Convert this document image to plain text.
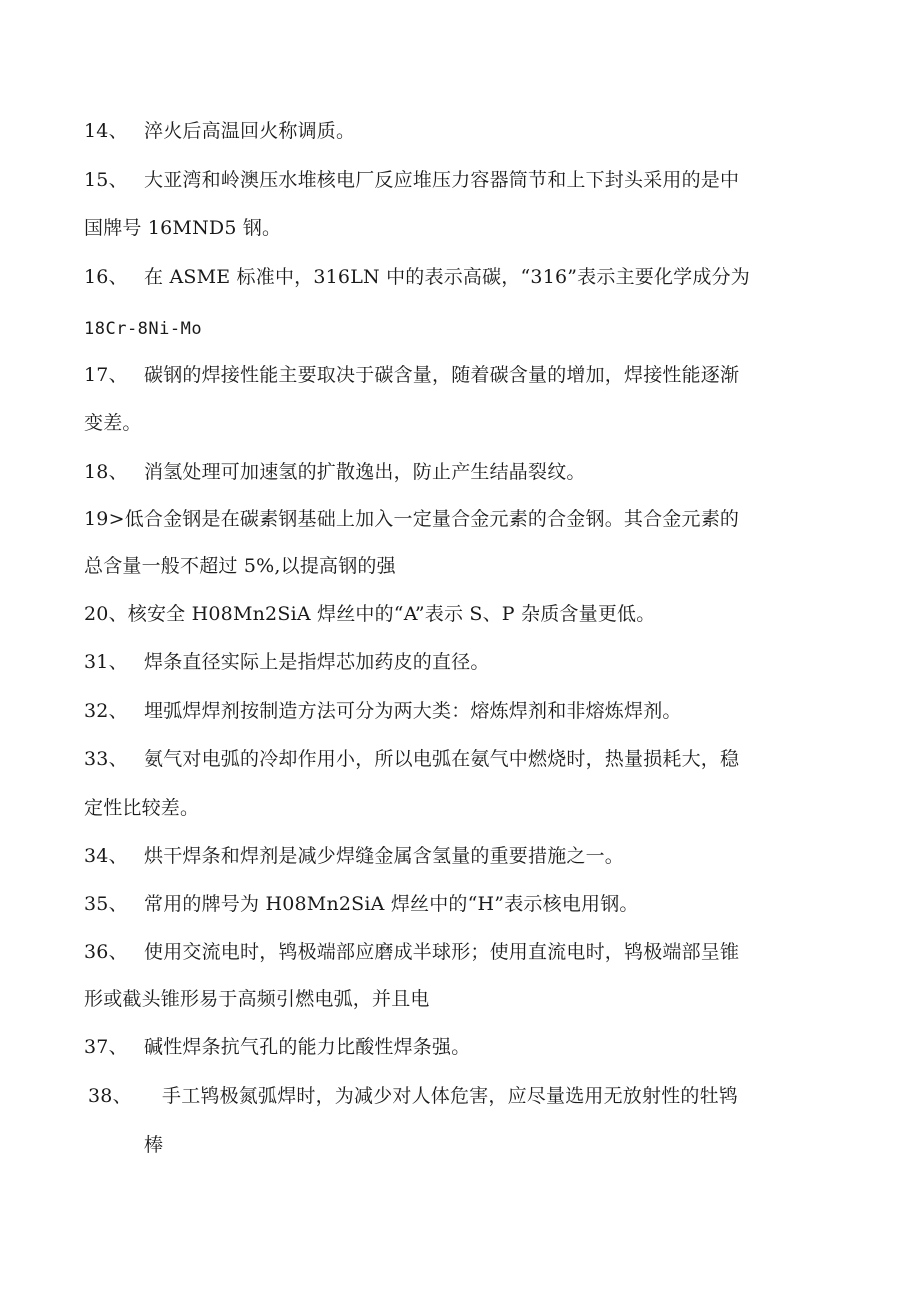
14、 淬火后高温回火称调质。
15、 大亚湾和岭澳压水堆核电厂反应堆压力容器筒节和上下封头采用的是中
国牌号 16MND5 钢。
16、 在 ASME 标准中，316LN 中的表示高碳，“316”表示主要化学成分为
18Cr-8Ni-Mo
17、 碳钢的焊接性能主要取决于碳含量，随着碳含量的增加，焊接性能逐渐
变差。
18、 消氢处理可加速氢的扩散逸出，防止产生结晶裂纹。
19>低合金钢是在碳素钢基础上加入一定量合金元素的合金钢。其合金元素的
总含量一般不超过 5%,以提高钢的强
20、核安全 H08Mn2SiA 焊丝中的“A”表示 S、P 杂质含量更低。
31、 焊条直径实际上是指焊芯加药皮的直径。
32、 埋弧焊焊剂按制造方法可分为两大类：熔炼焊剂和非熔炼焊剂。
33、 氨气对电弧的冷却作用小，所以电弧在氨气中燃烧时，热量损耗大，稳
定性比较差。
34、 烘干焊条和焊剂是减少焊缝金属含氢量的重要措施之一。
35、 常用的牌号为 H08Mn2SiA 焊丝中的“H”表示核电用钢。
36、 使用交流电时，鸨极端部应磨成半球形；使用直流电时，鸨极端部呈锥
形或截头锥形易于高频引燃电弧，并且电
37、 碱性焊条抗气孔的能力比酸性焊条强。
38、 手工鸨极氮弧焊时，为减少对人体危害，应尽量选用无放射性的牡鸨
棒
